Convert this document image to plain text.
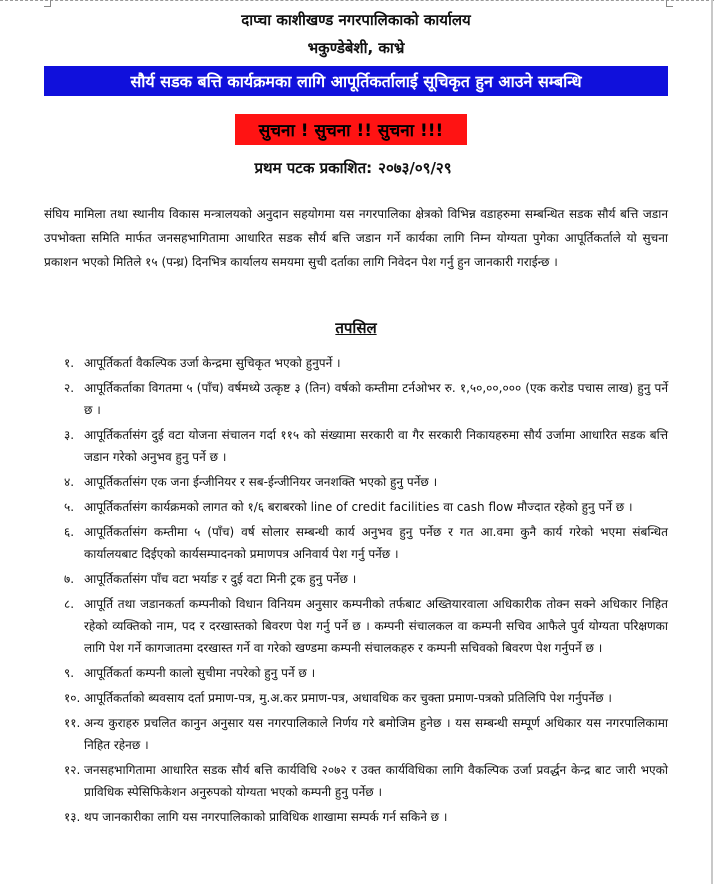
दाप्चा काशीखण्ड नगरपालिकाको कार्यालय
भकुण्डेबेशी, काभ्रे
सौर्य सडक बत्ति कार्यक्रमका लागि आपूर्तिकर्तालाई सूचिकृत हुन आउने सम्बन्धि
सुचना ! सुचना !! सुचना !!!
प्रथम पटक प्रकाशित: २०७३/०९/२९
संघिय मामिला तथा स्थानीय विकास मन्त्रालयको अनुदान सहयोगमा यस नगरपालिका क्षेत्रको विभिन्न वडाहरुमा सम्बन्धित सडक सौर्य बत्ति जडान उपभोक्ता समिति मार्फत जनसहभागितामा आधारित सडक सौर्य बत्ति जडान गर्ने कार्यका लागि निम्न योग्यता पुगेका आपूर्तिकर्ताले यो सुचना प्रकाशन भएको मितिले १५ (पन्ध्र) दिनभित्र कार्यालय समयमा सुची दर्ताका लागि निवेदन पेश गर्नु हुन जानकारी गराईन्छ ।
तपसिल
१. आपूर्तिकर्ता वैकल्पिक उर्जा केन्द्रमा सुचिकृत भएको हुनुपर्ने ।
२. आपूर्तिकर्ताका विगतमा ५ (पाँच) वर्षमध्ये उत्कृष्ट ३ (तिन) वर्षको कम्तीमा टर्नओभर रु. १,५०,००,००० (एक करोड पचास लाख) हुनु पर्ने छ ।
३. आपूर्तिकर्तासंग दुई वटा योजना संचालन गर्दा ११५ को संख्यामा सरकारी वा गैर सरकारी निकायहरुमा सौर्य उर्जामा आधारित सडक बत्ति जडान गरेको अनुभव हुनु पर्ने छ ।
४. आपूर्तिकर्तासंग एक जना ईन्जीनियर र सब-ईन्जीनियर जनशक्ति भएको हुनु पर्नेछ ।
५. आपूर्तिकर्तासंग कार्यक्रमको लागत को १/६ बराबरको line of credit facilities वा cash flow मौज्दात रहेको हुनु पर्ने छ ।
६. आपूर्तिकर्तासंग कम्तीमा ५ (पाँच) वर्ष सोलार सम्बन्धी कार्य अनुभव हुनु पर्नेछ र गत आ.वमा कुनै कार्य गरेको भएमा संबन्धित कार्यालयबाट दिईएको कार्यसम्पादनको प्रमाणपत्र अनिवार्य पेश गर्नु पर्नेछ ।
७. आपूर्तिकर्तासंग पाँच वटा भर्याङ र दुई वटा मिनी ट्रक हुनु पर्नेछ ।
८. आपूर्ति तथा जडानकर्ता कम्पनीको विधान विनियम अनुसार कम्पनीको तर्फबाट अख्तियारवाला अधिकारीक तोक्न सक्ने अधिकार निहित रहेको व्यक्तिको नाम, पद र दरखास्तको बिवरण पेश गर्नु पर्ने छ । कम्पनी संचालकल वा कम्पनी सचिव आफैले पुर्व योग्यता परिक्षणका लागि पेश गर्ने कागजातमा दरखास्त गर्ने वा गरेको खण्डमा कम्पनी संचालकहरु र कम्पनी सचिवको बिवरण पेश गर्नुपर्ने छ ।
९. आपूर्तिकर्ता कम्पनी कालो सुचीमा नपरेको हुनु पर्ने छ ।
१०. आपूर्तिकर्ताको ब्यवसाय दर्ता प्रमाण-पत्र, मु.अ.कर प्रमाण-पत्र, अधावधिक कर चुक्ता प्रमाण-पत्रको प्रतिलिपि पेश गर्नुपर्नेछ ।
११. अन्य कुराहरु प्रचलित कानुन अनुसार यस नगरपालिकाले निर्णय गरे बमोजिम हुनेछ । यस सम्बन्धी सम्पूर्ण अधिकार यस नगरपालिकामा निहित रहेनछ ।
१२. जनसहभागितामा आधारित सडक सौर्य बत्ति कार्यविधि २०७२ र उक्त कार्यविधिका लागि वैकल्पिक उर्जा प्रवर्द्धन केन्द्र बाट जारी भएको प्राविधिक स्पेसिफिकेशन अनुरुपको योग्यता भएको कम्पनी हुनु पर्नेछ ।
१३. थप जानकारीका लागि यस नगरपालिकाको प्राविधिक शाखामा सम्पर्क गर्न सकिने छ ।
